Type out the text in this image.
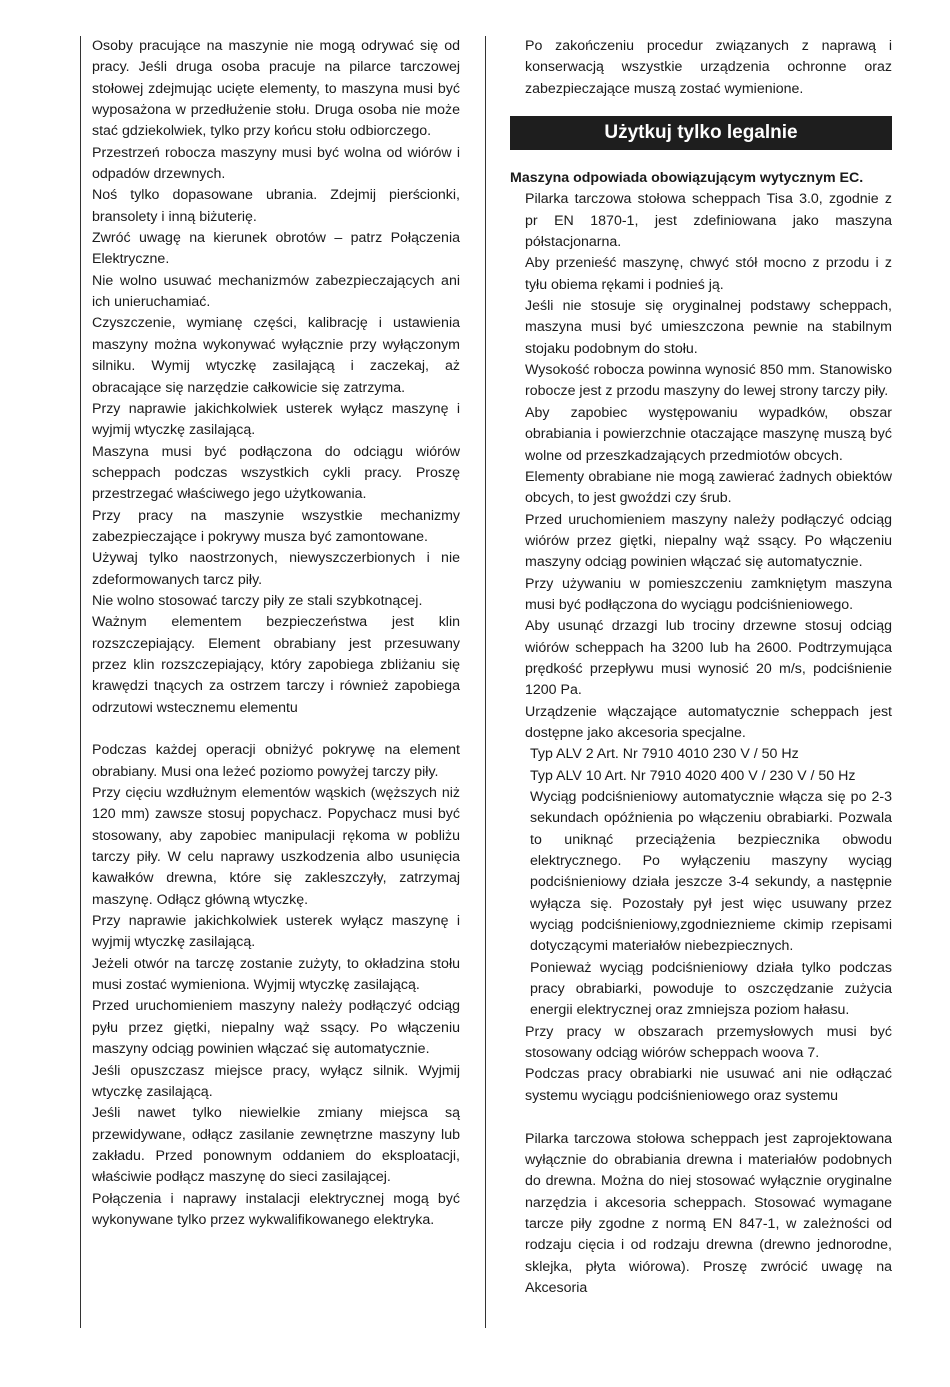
Osoby pracujące na maszynie nie mogą odrywać się od pracy. Jeśli druga osoba pracuje na pilarce tarczowej stołowej zdejmując ucięte elementy, to maszyna musi być wyposażona w przedłużenie stołu. Druga osoba nie może stać gdziekolwiek, tylko przy końcu stołu odbiorczego.

Przestrzeń robocza maszyny musi być wolna od wiórów i odpadów drzewnych.

Noś tylko dopasowane ubrania. Zdejmij pierścionki, bransolety i inną biżuterię.

Zwróć uwagę na kierunek obrotów – patrz Połączenia Elektryczne.

Nie wolno usuwać mechanizmów zabezpieczających ani ich unieruchamiać.

Czyszczenie, wymianę części, kalibrację i ustawienia maszyny można wykonywać wyłącznie przy wyłączonym silniku. Wymij wtyczkę zasilającą i zaczekaj, aż obracające się narzędzie całkowicie się zatrzyma.

Przy naprawie jakichkolwiek usterek wyłącz maszynę i wyjmij wtyczkę zasilającą.

Maszyna musi być podłączona do odciągu wiórów scheppach podczas wszystkich cykli pracy. Proszę przestrzegać właściwego jego użytkowania.

Przy pracy na maszynie wszystkie mechanizmy zabezpieczające i pokrywy musza być zamontowane.

Używaj tylko naostrzonych, niewyszczerbionych i nie zdeformowanych tarcz piły.

Nie wolno stosować tarczy piły ze stali szybkotnącej.

Ważnym elementem bezpieczeństwa jest klin rozszczepiający. Element obrabiany jest przesuwany przez klin rozszczepiający, który zapobiega zbliżaniu się krawędzi tnących za ostrzem tarczy i również zapobiega odrzutowi wstecznemu elementu

Podczas każdej operacji obniżyć pokrywę na element obrabiany. Musi ona leżeć poziomo powyżej tarczy piły.

Przy cięciu wzdłużnym elementów wąskich (węższych niż 120 mm) zawsze stosuj popychacz. Popychacz musi być stosowany, aby zapobiec manipulacji rękoma w pobliżu tarczy piły. W celu naprawy uszkodzenia albo usunięcia kawałków drewna, które się zakleszczyły, zatrzymaj maszynę. Odłącz główną wtyczkę.

Przy naprawie jakichkolwiek usterek wyłącz maszynę i wyjmij wtyczkę zasilającą.

Jeżeli otwór na tarczę zostanie zużyty, to okładzina stołu musi zostać wymieniona. Wyjmij wtyczkę zasilającą.

Przed uruchomieniem maszyny należy podłączyć odciąg pyłu przez giętki, niepalny wąż ssący. Po włączeniu maszyny odciąg powinien włączać się automatycznie.

Jeśli opuszczasz miejsce pracy, wyłącz silnik. Wyjmij wtyczkę zasilającą.

Jeśli nawet tylko niewielkie zmiany miejsca są przewidywane, odłącz zasilanie zewnętrzne maszyny lub zakładu. Przed ponownym oddaniem do eksploatacji, właściwie podłącz maszynę do sieci zasilającej.

Połączenia i naprawy instalacji elektrycznej mogą być wykonywane tylko przez wykwalifikowanego elektryka.

Po zakończeniu procedur związanych z naprawą i konserwacją wszystkie urządzenia ochronne oraz zabezpieczające muszą zostać wymienione.

Użytkuj tylko legalnie

Maszyna odpowiada obowiązującym wytycznym EC.

Pilarka tarczowa stołowa scheppach Tisa 3.0, zgodnie z pr EN 1870-1, jest zdefiniowana jako maszyna półstacjonarna.

Aby przenieść maszynę, chwyć stół mocno z przodu i z tyłu obiema rękami i podnieś ją.

Jeśli nie stosuje się oryginalnej podstawy scheppach, maszyna musi być umieszczona pewnie na stabilnym stojaku podobnym do stołu.

Wysokość robocza powinna wynosić 850 mm. Stanowisko robocze jest z przodu maszyny do lewej strony tarczy piły.

Aby zapobiec występowaniu wypadków, obszar obrabiania i powierzchnie otaczające maszynę muszą być wolne od przeszkadzających przedmiotów obcych.

Elementy obrabiane nie mogą zawierać żadnych obiektów obcych, to jest gwoździ czy śrub.

Przed uruchomieniem maszyny należy podłączyć odciąg wiórów przez giętki, niepalny wąż ssący. Po włączeniu maszyny odciąg powinien włączać się automatycznie.

Przy używaniu w pomieszczeniu zamkniętym maszyna musi być podłączona do wyciągu podciśnieniowego.

Aby usunąć drzazgi lub trociny drzewne stosuj odciąg wiórów scheppach ha 3200 lub ha 2600. Podtrzymująca prędkość przepływu musi wynosić 20 m/s, podciśnienie 1200 Pa.

Urządzenie włączające automatycznie scheppach jest dostępne jako akcesoria specjalne.

Typ ALV 2 Art. Nr 7910 4010 230 V / 50 Hz

Typ ALV 10 Art. Nr 7910 4020 400 V / 230 V / 50 Hz

Wyciąg podciśnieniowy automatycznie włącza się po 2-3 sekundach opóźnienia po włączeniu obrabiarki. Pozwala to uniknąć przeciążenia bezpiecznika obwodu elektrycznego. Po wyłączeniu maszyny wyciąg podciśnieniowy działa jeszcze 3-4 sekundy, a następnie wyłącza się. Pozostały pył jest więc usuwany przez wyciąg podciśnieniowy,zgodnieznieme ckimip rzepisami dotyczącymi materiałów niebezpiecznych.

Ponieważ wyciąg podciśnieniowy działa tylko podczas pracy obrabiarki, powoduje to oszczędzanie zużycia energii elektrycznej oraz zmniejsza poziom hałasu.

Przy pracy w obszarach przemysłowych musi być stosowany odciąg wiórów scheppach woova 7.

Podczas pracy obrabiarki nie usuwać ani nie odłączać systemu wyciągu podciśnieniowego oraz systemu

Pilarka tarczowa stołowa scheppach jest zaprojektowana wyłącznie do obrabiania drewna i materiałów podobnych do drewna. Można do niej stosować wyłącznie oryginalne narzędzia i akcesoria scheppach. Stosować wymagane tarcze piły zgodne z normą EN 847-1, w zależności od rodzaju cięcia i od rodzaju drewna (drewno jednorodne, sklejka, płyta wiórowa). Proszę zwrócić uwagę na Akcesoria
